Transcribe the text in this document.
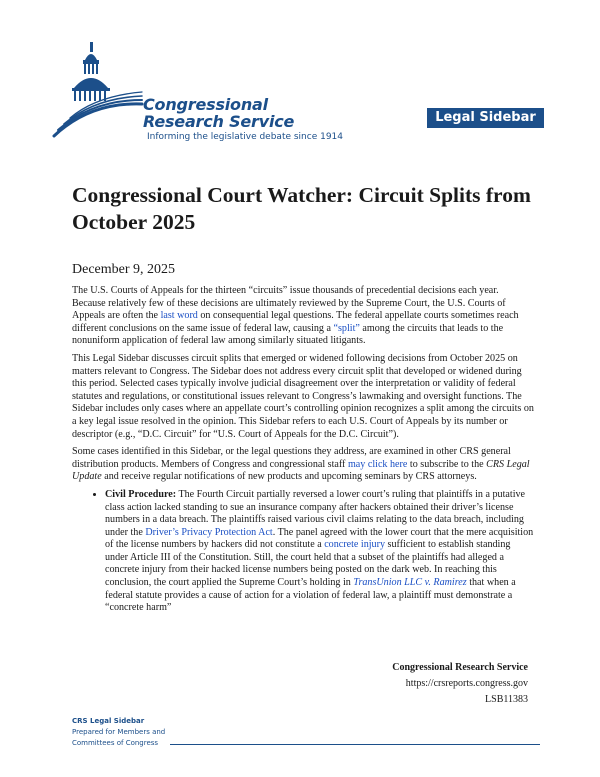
Congressional
Research Service
Informing the legislative debate since 1914
Legal Sidebar
Congressional Court Watcher: Circuit Splits from October 2025
December 9, 2025

The U.S. Courts of Appeals for the thirteen “circuits” issue thousands of precedential decisions each year. Because relatively few of these decisions are ultimately reviewed by the Supreme Court, the U.S. Courts of Appeals are often the last word on consequential legal questions. The federal appellate courts sometimes reach different conclusions on the same issue of federal law, causing a “split” among the circuits that leads to the nonuniform application of federal law among similarly situated litigants.

This Legal Sidebar discusses circuit splits that emerged or widened following decisions from October 2025 on matters relevant to Congress. The Sidebar does not address every circuit split that developed or widened during this period. Selected cases typically involve judicial disagreement over the interpretation or validity of federal statutes and regulations, or constitutional issues relevant to Congress’s lawmaking and oversight functions. The Sidebar includes only cases where an appellate court’s controlling opinion recognizes a split among the circuits on a key legal issue resolved in the opinion. This Sidebar refers to each U.S. Court of Appeals by its number or descriptor (e.g., “D.C. Circuit” for “U.S. Court of Appeals for the D.C. Circuit”).

Some cases identified in this Sidebar, or the legal questions they address, are examined in other CRS general distribution products. Members of Congress and congressional staff may click here to subscribe to the CRS Legal Update and receive regular notifications of new products and upcoming seminars by CRS attorneys.

• Civil Procedure: The Fourth Circuit partially reversed a lower court’s ruling that plaintiffs in a putative class action lacked standing to sue an insurance company after hackers obtained their driver’s license numbers in a data breach. The plaintiffs raised various civil claims relating to the data breach, including under the Driver’s Privacy Protection Act. The panel agreed with the lower court that the mere acquisition of the license numbers by hackers did not constitute a concrete injury sufficient to establish standing under Article III of the Constitution. Still, the court held that a subset of the plaintiffs had alleged a concrete injury from their hacked license numbers being posted on the dark web. In reaching this conclusion, the court applied the Supreme Court’s holding in TransUnion LLC v. Ramirez that when a federal statute provides a cause of action for a violation of federal law, a plaintiff must demonstrate a “concrete harm”
Congressional Research Service
https://crsreports.congress.gov
LSB11383
CRS Legal Sidebar
Prepared for Members and
Committees of Congress
